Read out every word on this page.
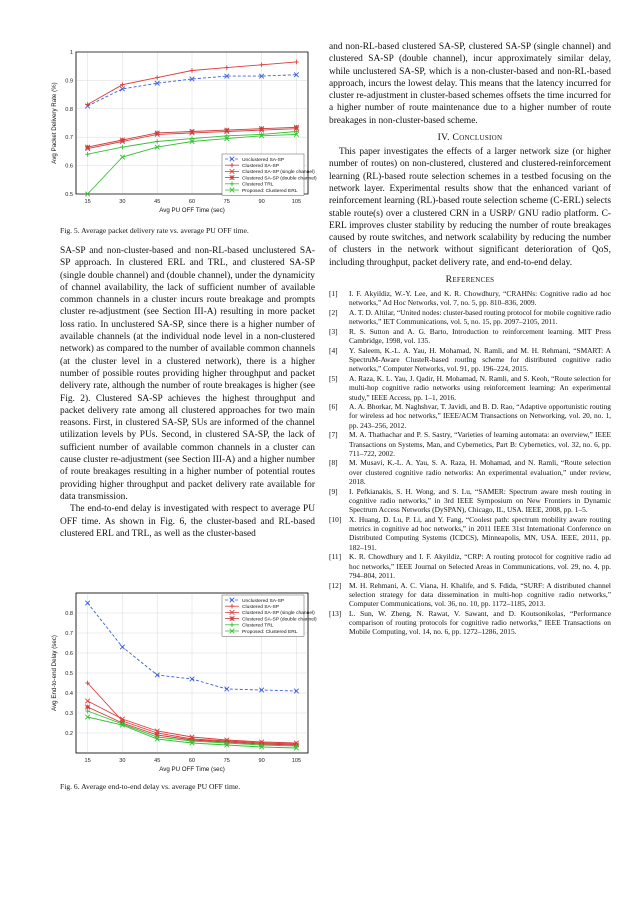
15	30	45	60	75	90	105
0.5
0.6
0.7
0.8
0.9
1
Avg PU OFF Time (sec)
Avg Packet Delivery Rate (%)	Unclustered SA-SP
Clustered SA-SP
Clustered SA-SP (single channel)
Clustered SA-SP (double channel)
Clustered TRL
Proposed: Clustered ERL
Fig. 5. Average packet delivery rate vs. average PU OFF time.

SA-SP and non-cluster-based and non-RL-based unclustered SA-SP approach. In clustered ERL and TRL, and clustered SA-SP (single double channel) and (double channel), under the dynamicity of channel availability, the lack of sufficient number of available common channels in a cluster incurs route breakage and prompts cluster re-adjustment (see Section III-A) resulting in more packet loss ratio. In unclustered SA-SP, since there is a higher number of available channels (at the individual node level in a non-clustered network) as compared to the number of available common channels (at the cluster level in a clustered network), there is a higher number of possible routes providing higher throughput and packet delivery rate, although the number of route breakages is higher (see Fig. 2). Clustered SA-SP achieves the highest throughput and packet delivery rate among all clustered approaches for two main reasons. First, in clustered SA-SP, SUs are informed of the channel utilization levels by PUs. Second, in clustered SA-SP, the lack of sufficient number of available common channels in a cluster can cause cluster re-adjustment (see Section III-A) and a higher number of route breakages resulting in a higher number of potential routes providing higher throughput and packet delivery rate available for data transmission.

The end-to-end delay is investigated with respect to average PU OFF time. As shown in Fig. 6, the cluster-based and RL-based clustered ERL and TRL, as well as the cluster-based

15	30	45	60	75	90	105
0.2
0.3
0.4
0.5
0.6
0.7
0.8
Avg PU OFF Time (sec)
Avg End-to-end Delay (sec)
Unclustered SA-SP
Clustered SA-SP
Clustered SA-SP (single channel)
Clustered SA-SP (double channel)
Clustered TRL
Proposed: Clustered ERL
Fig. 6. Average end-to-end delay vs. average PU OFF time.

and non-RL-based clustered SA-SP, clustered SA-SP (single channel) and clustered SA-SP (double channel), incur approximately similar delay, while unclustered SA-SP, which is a non-cluster-based and non-RL-based approach, incurs the lowest delay. This means that the latency incurred for cluster re-adjustment in cluster-based schemes offsets the time incurred for a higher number of route maintenance due to a higher number of route breakages in non-cluster-based scheme.

IV. Conclusion

This paper investigates the effects of a larger network size (or higher number of routes) on non-clustered, clustered and clustered-reinforcement learning (RL)-based route selection schemes in a testbed focusing on the network layer. Experimental results show that the enhanced variant of reinforcement learning (RL)-based route selection scheme (C-ERL) selects stable route(s) over a clustered CRN in a USRP/ GNU radio platform. C-ERL improves cluster stability by reducing the number of route breakages caused by route switches, and network scalability by reducing the number of clusters in the network without significant deterioration of QoS, including throughput, packet delivery rate, and end-to-end delay.

References
[1] I. F. Akyildiz, W.-Y. Lee, and K. R. Chowdhury, “CRAHNs: Cognitive radio ad hoc networks,” Ad Hoc Networks, vol. 7, no. 5, pp. 810–836, 2009.
[2] A. T. D. Altilar, “United nodes: cluster-based routing protocol for mobile cognitive radio networks,” IET Communications, vol. 5, no. 15, pp. 2097–2105, 2011.
[3] R. S. Sutton and A. G. Barto, Introduction to reinforcement learning. MIT Press Cambridge, 1998, vol. 135.
[4] Y. Saleem, K.-L. A. Yau, H. Mohamad, N. Ramli, and M. H. Rehmani, “SMART: A SpectruM-Aware ClusteR-based routIng scheme for distributed cognitive radio networks,” Computer Networks, vol. 91, pp. 196–224, 2015.
[5] A. Raza, K. L. Yau, J. Qadir, H. Mohamad, N. Ramli, and S. Keoh, “Route selection for multi-hop cognitive radio networks using reinforcement learning: An experimental study,” IEEE Access, pp. 1–1, 2016.
[6] A. A. Bhorkar, M. Naghshvar, T. Javidi, and B. D. Rao, “Adaptive opportunistic routing for wireless ad hoc networks,” IEEE/ACM Transactions on Networking, vol. 20, no. 1, pp. 243–256, 2012.
[7] M. A. Thathachar and P. S. Sastry, “Varieties of learning automata: an overview,” IEEE Transactions on Systems, Man, and Cybernetics, Part B: Cybernetics, vol. 32, no. 6, pp. 711–722, 2002.
[8] M. Musavi, K.-L. A. Yau, S. A. Raza, H. Mohamad, and N. Ramli, “Route selection over clustered cognitive radio networks: An experimental evaluation,” under review, 2018.
[9] I. Pefkianakis, S. H. Wong, and S. Lu, “SAMER: Spectrum aware mesh routing in cognitive radio networks,” in 3rd IEEE Symposium on New Frontiers in Dynamic Spectrum Access Networks (DySPAN), Chicago, IL, USA. IEEE, 2008, pp. 1–5.
[10] X. Huang, D. Lu, P. Li, and Y. Fang, “Coolest path: spectrum mobility aware routing metrics in cognitive ad hoc networks,” in 2011 IEEE 31st International Conference on Distributed Computing Systems (ICDCS), Minneapolis, MN, USA. IEEE, 2011, pp. 182–191.
[11] K. R. Chowdhury and I. F. Akyildiz, “CRP: A routing protocol for cognitive radio ad hoc networks,” IEEE Journal on Selected Areas in Communications, vol. 29, no. 4, pp. 794–804, 2011.
[12] M. H. Rehmani, A. C. Viana, H. Khalife, and S. Fdida, “SURF: A distributed channel selection strategy for data dissemination in multi-hop cognitive radio networks,” Computer Communications, vol. 36, no. 10, pp. 1172–1185, 2013.
[13] L. Sun, W. Zheng, N. Rawat, V. Sawant, and D. Koutsonikolas, “Performance comparison of routing protocols for cognitive radio networks,” IEEE Transactions on Mobile Computing, vol. 14, no. 6, pp. 1272–1286, 2015.
